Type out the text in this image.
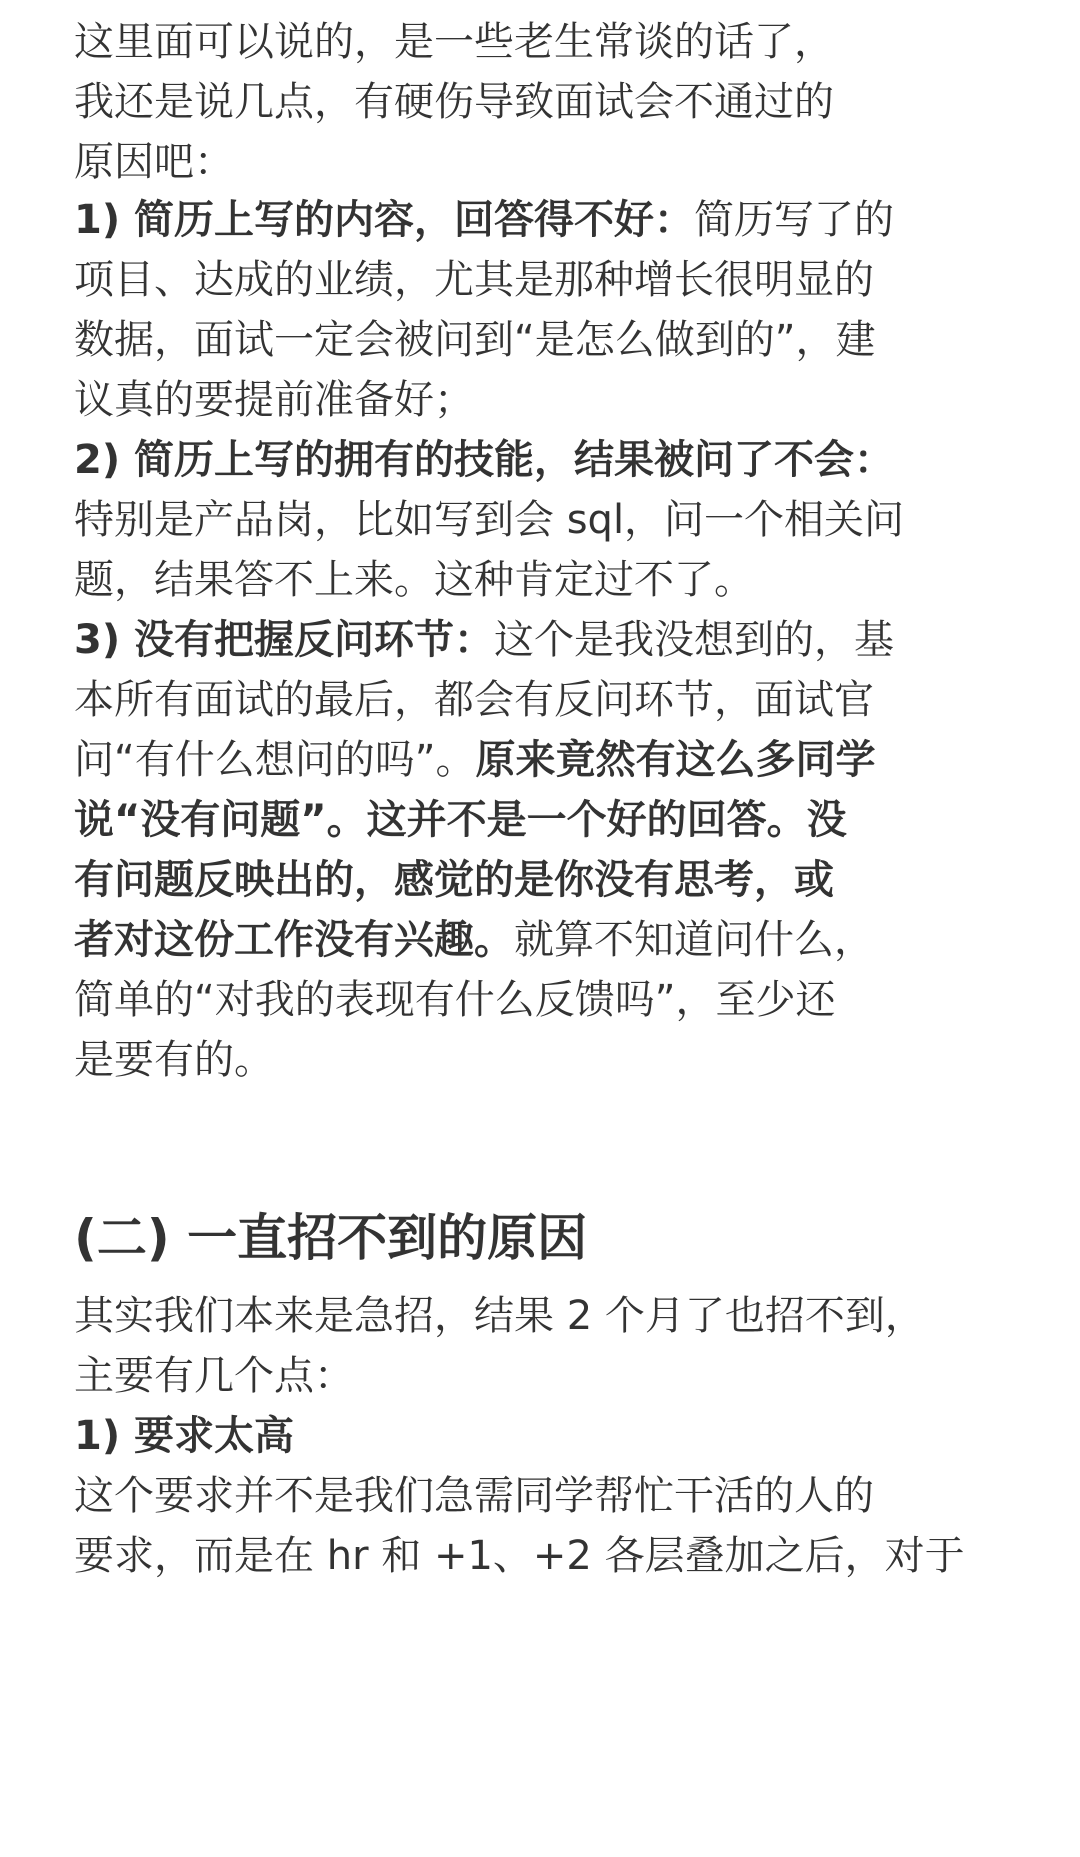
这里面可以说的，是一些老生常谈的话了，
我还是说几点，有硬伤导致面试会不通过的
原因吧：
1) 简历上写的内容，回答得不好：简历写了的
项目、达成的业绩，尤其是那种增长很明显的
数据，面试一定会被问到“是怎么做到的”，建
议真的要提前准备好；
2) 简历上写的拥有的技能，结果被问了不会：
特别是产品岗，比如写到会 sql，问一个相关问
题，结果答不上来。这种肯定过不了。
3) 没有把握反问环节：这个是我没想到的，基
本所有面试的最后，都会有反问环节，面试官
问“有什么想问的吗”。原来竟然有这么多同学
说“没有问题”。这并不是一个好的回答。没
有问题反映出的，感觉的是你没有思考，或
者对这份工作没有兴趣。就算不知道问什么，
简单的“对我的表现有什么反馈吗”，至少还
是要有的。
(二) 一直招不到的原因
其实我们本来是急招，结果 2 个月了也招不到，
主要有几个点：
1) 要求太高
这个要求并不是我们急需同学帮忙干活的人的
要求，而是在 hr 和 +1、+2 各层叠加之后，对于
